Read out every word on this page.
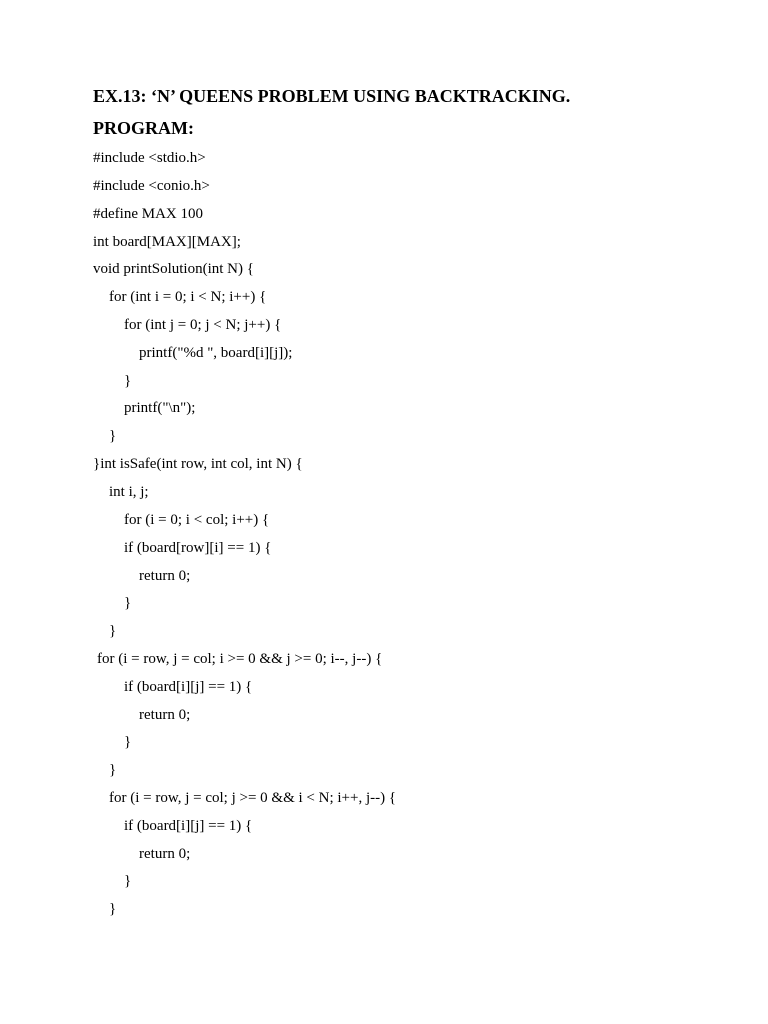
EX.13: ‘N’ QUEENS PROBLEM USING BACKTRACKING.
PROGRAM:
#include <stdio.h>
#include <conio.h>
#define MAX 100
int board[MAX][MAX];
void printSolution(int N) {
for (int i = 0; i < N; i++) {
for (int j = 0; j < N; j++) {
printf("%d ", board[i][j]);
}
printf("\n");
}
}int isSafe(int row, int col, int N) {
int i, j;
for (i = 0; i < col; i++) {
if (board[row][i] == 1) {
return 0;
}
}
for (i = row, j = col; i >= 0 && j >= 0; i--, j--) {
if (board[i][j] == 1) {
return 0;
}
}
for (i = row, j = col; j >= 0 && i < N; i++, j--) {
if (board[i][j] == 1) {
return 0;
}
}
